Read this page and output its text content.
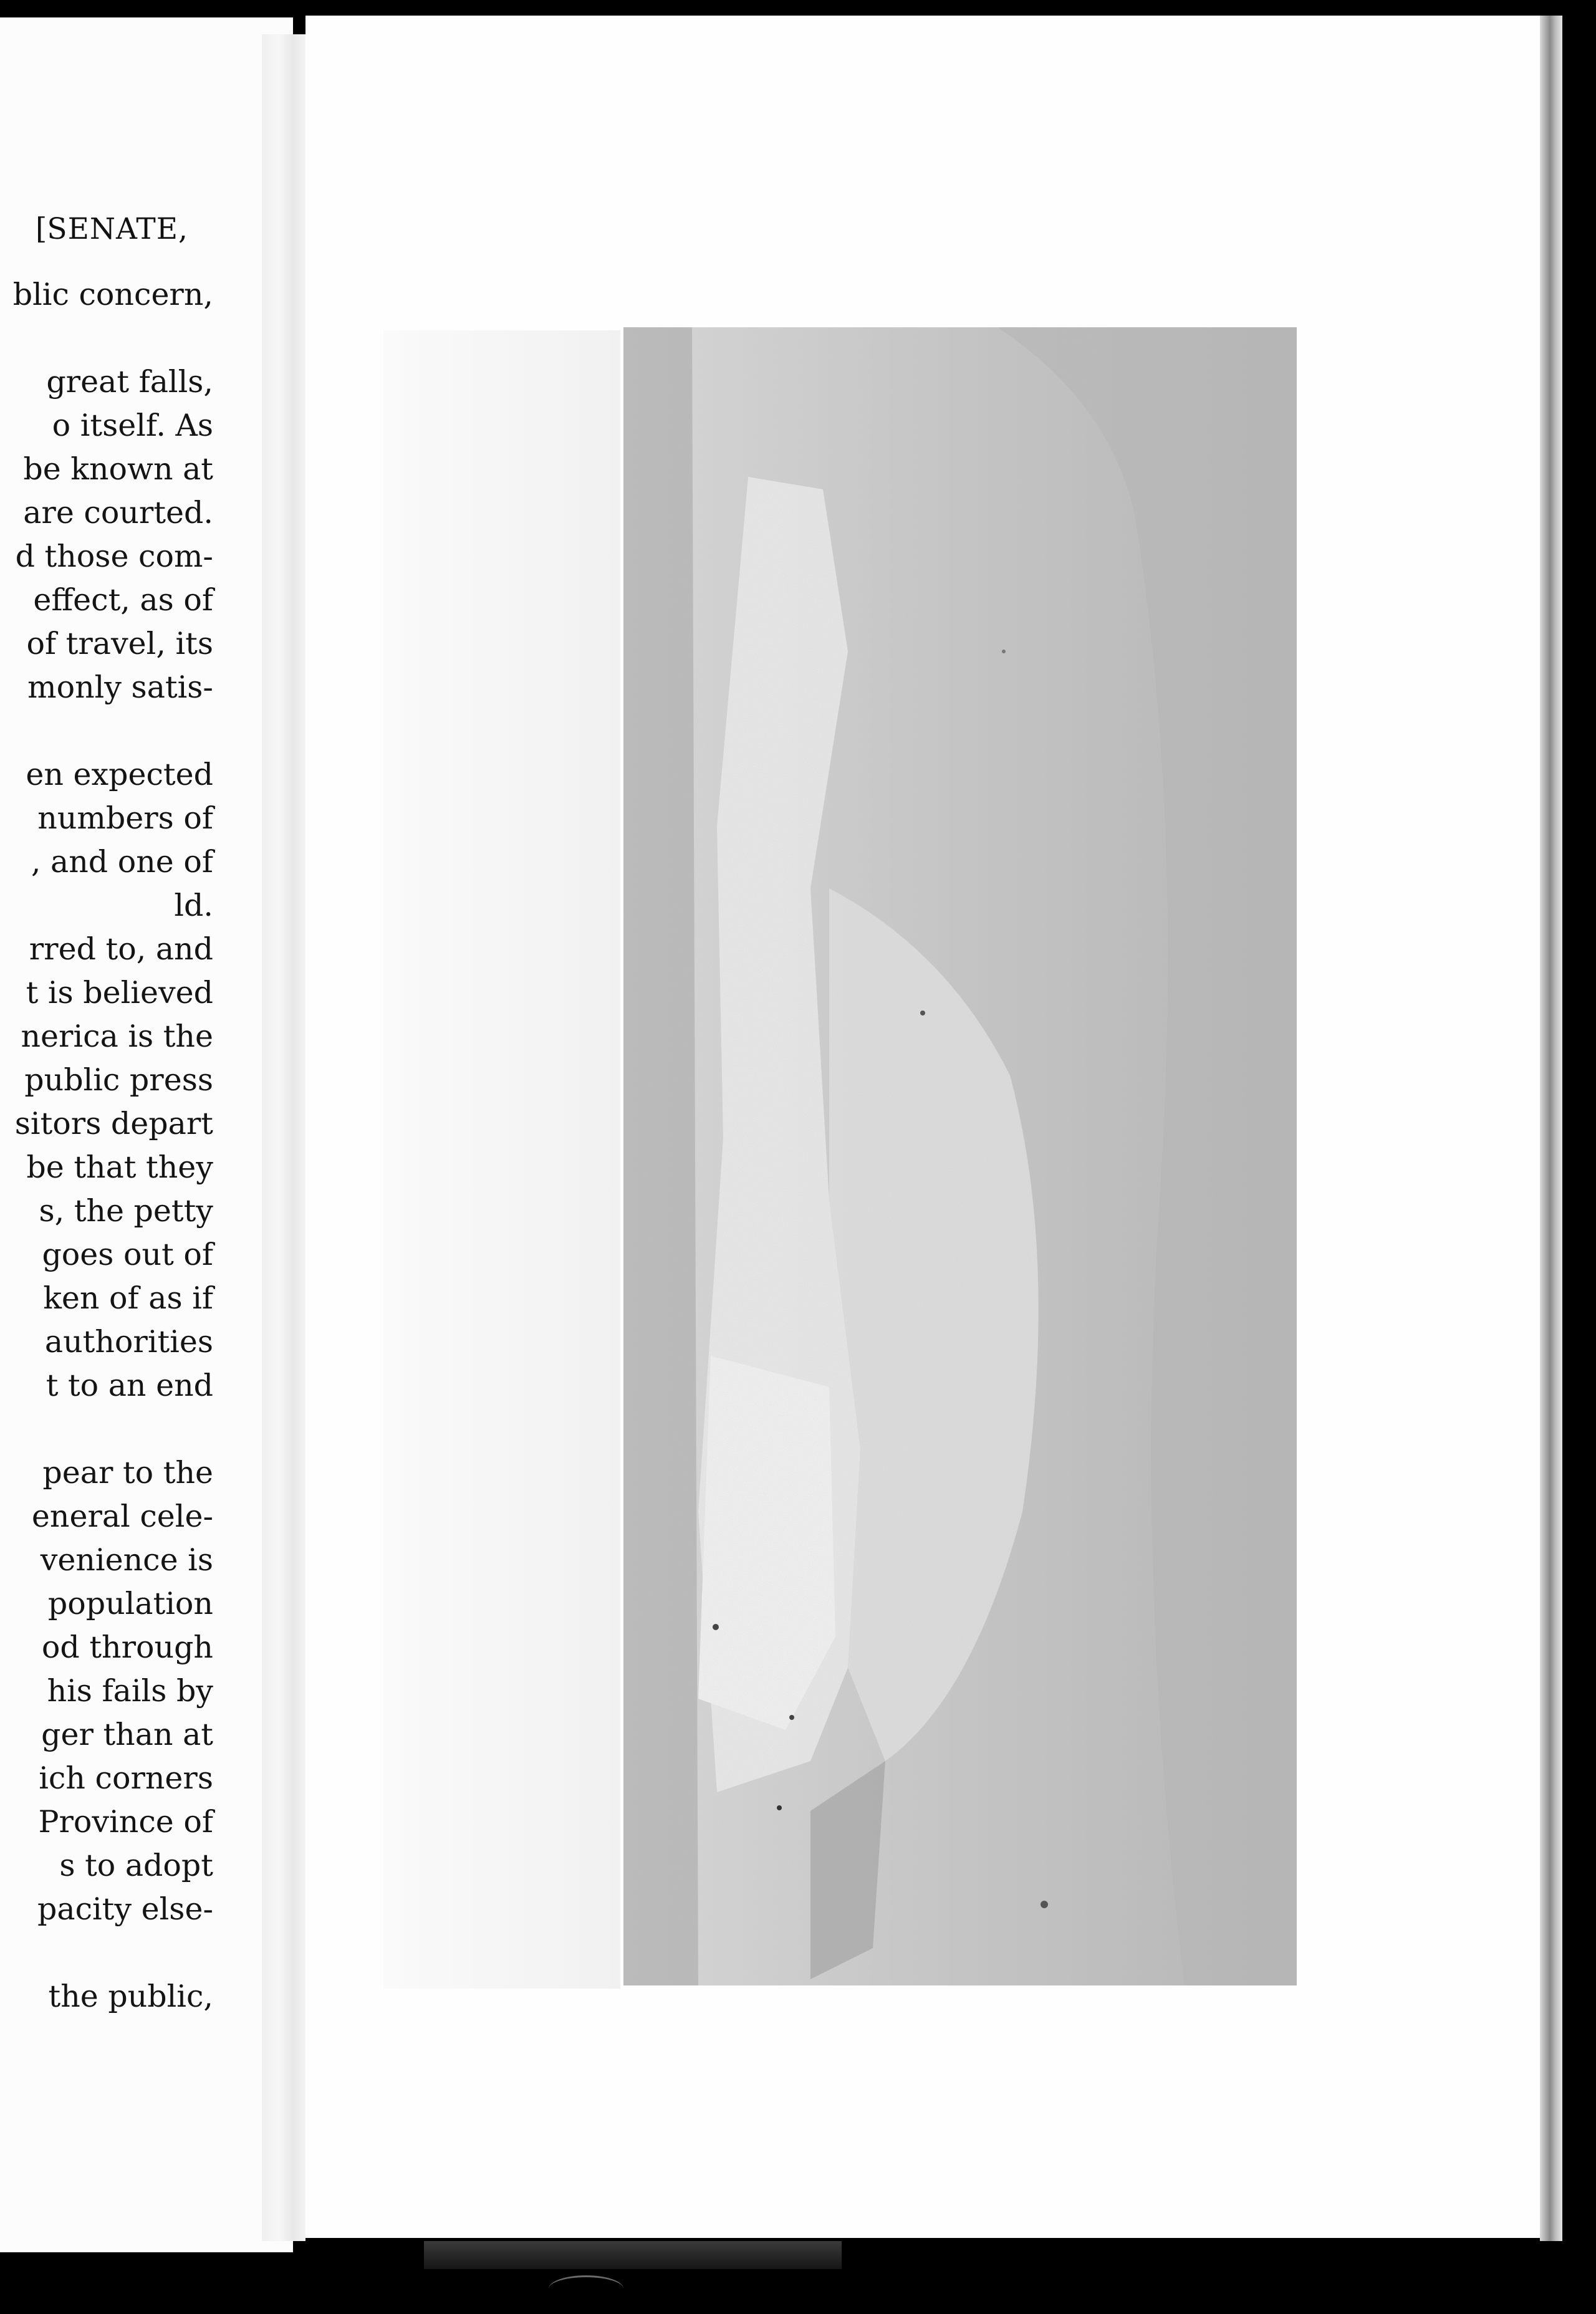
[SENATE,
blic concern,
great falls,
o itself. As
be known at
are courted.
d those com-
effect, as of
of travel, its
monly satis-
en expected
numbers of
, and one of
ld.
rred to, and
t is believed
nerica is the
public press
sitors depart
be that they
s, the petty
goes out of
ken of as if
authorities
t to an end
pear to the
eneral cele-
venience is
population
od through
his fails by
ger than at
ich corners
Province of
s to adopt
pacity else-
the public,
